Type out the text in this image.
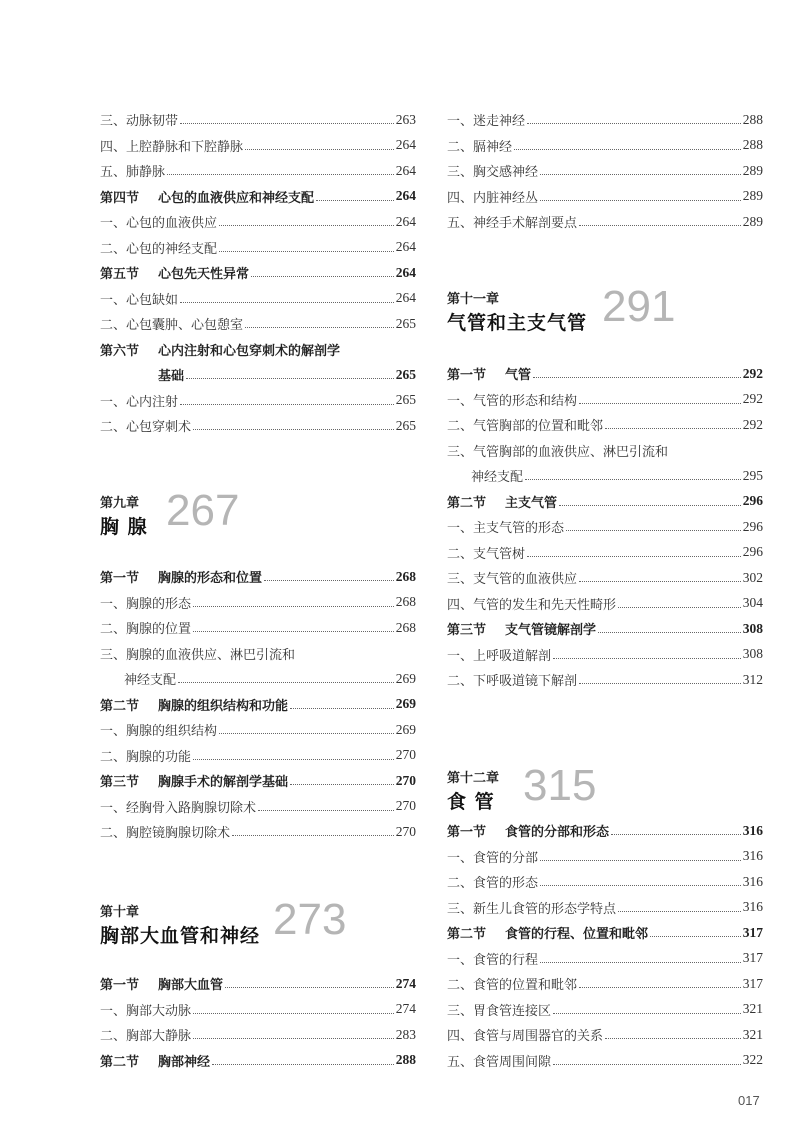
三、动脉韧带	263
四、上腔静脉和下腔静脉	264
五、肺静脉	264
第四节 心包的血液供应和神经支配	264
一、心包的血液供应	264
二、心包的神经支配	264
第五节 心包先天性异常	264
一、心包缺如	264
二、心包囊肿、心包憩室	265
第六节 心内注射和心包穿刺术的解剖学
基础	265
一、心内注射	265
二、心包穿刺术	265
第九章
胸 腺 267
第一节 胸腺的形态和位置	268
一、胸腺的形态	268
二、胸腺的位置	268
三、胸腺的血液供应、淋巴引流和
神经支配	269
第二节 胸腺的组织结构和功能	269
一、胸腺的组织结构	269
二、胸腺的功能	270
第三节 胸腺手术的解剖学基础	270
一、经胸骨入路胸腺切除术	270
二、胸腔镜胸腺切除术	270
第十章
胸部大血管和神经 273
第一节 胸部大血管	274
一、胸部大动脉	274
二、胸部大静脉	283
第二节 胸部神经	288
一、迷走神经	288
二、膈神经	288
三、胸交感神经	289
四、内脏神经丛	289
五、神经手术解剖要点	289
第十一章
气管和主支气管 291
第一节 气管	292
一、气管的形态和结构	292
二、气管胸部的位置和毗邻	292
三、气管胸部的血液供应、淋巴引流和
神经支配	295
第二节 主支气管	296
一、主支气管的形态	296
二、支气管树	296
三、支气管的血液供应	302
四、气管的发生和先天性畸形	304
第三节 支气管镜解剖学	308
一、上呼吸道解剖	308
二、下呼吸道镜下解剖	312
第十二章
食 管 315
第一节 食管的分部和形态	316
一、食管的分部	316
二、食管的形态	316
三、新生儿食管的形态学特点	316
第二节 食管的行程、位置和毗邻	317
一、食管的行程	317
二、食管的位置和毗邻	317
三、胃食管连接区	321
四、食管与周围器官的关系	321
五、食管周围间隙	322
017
